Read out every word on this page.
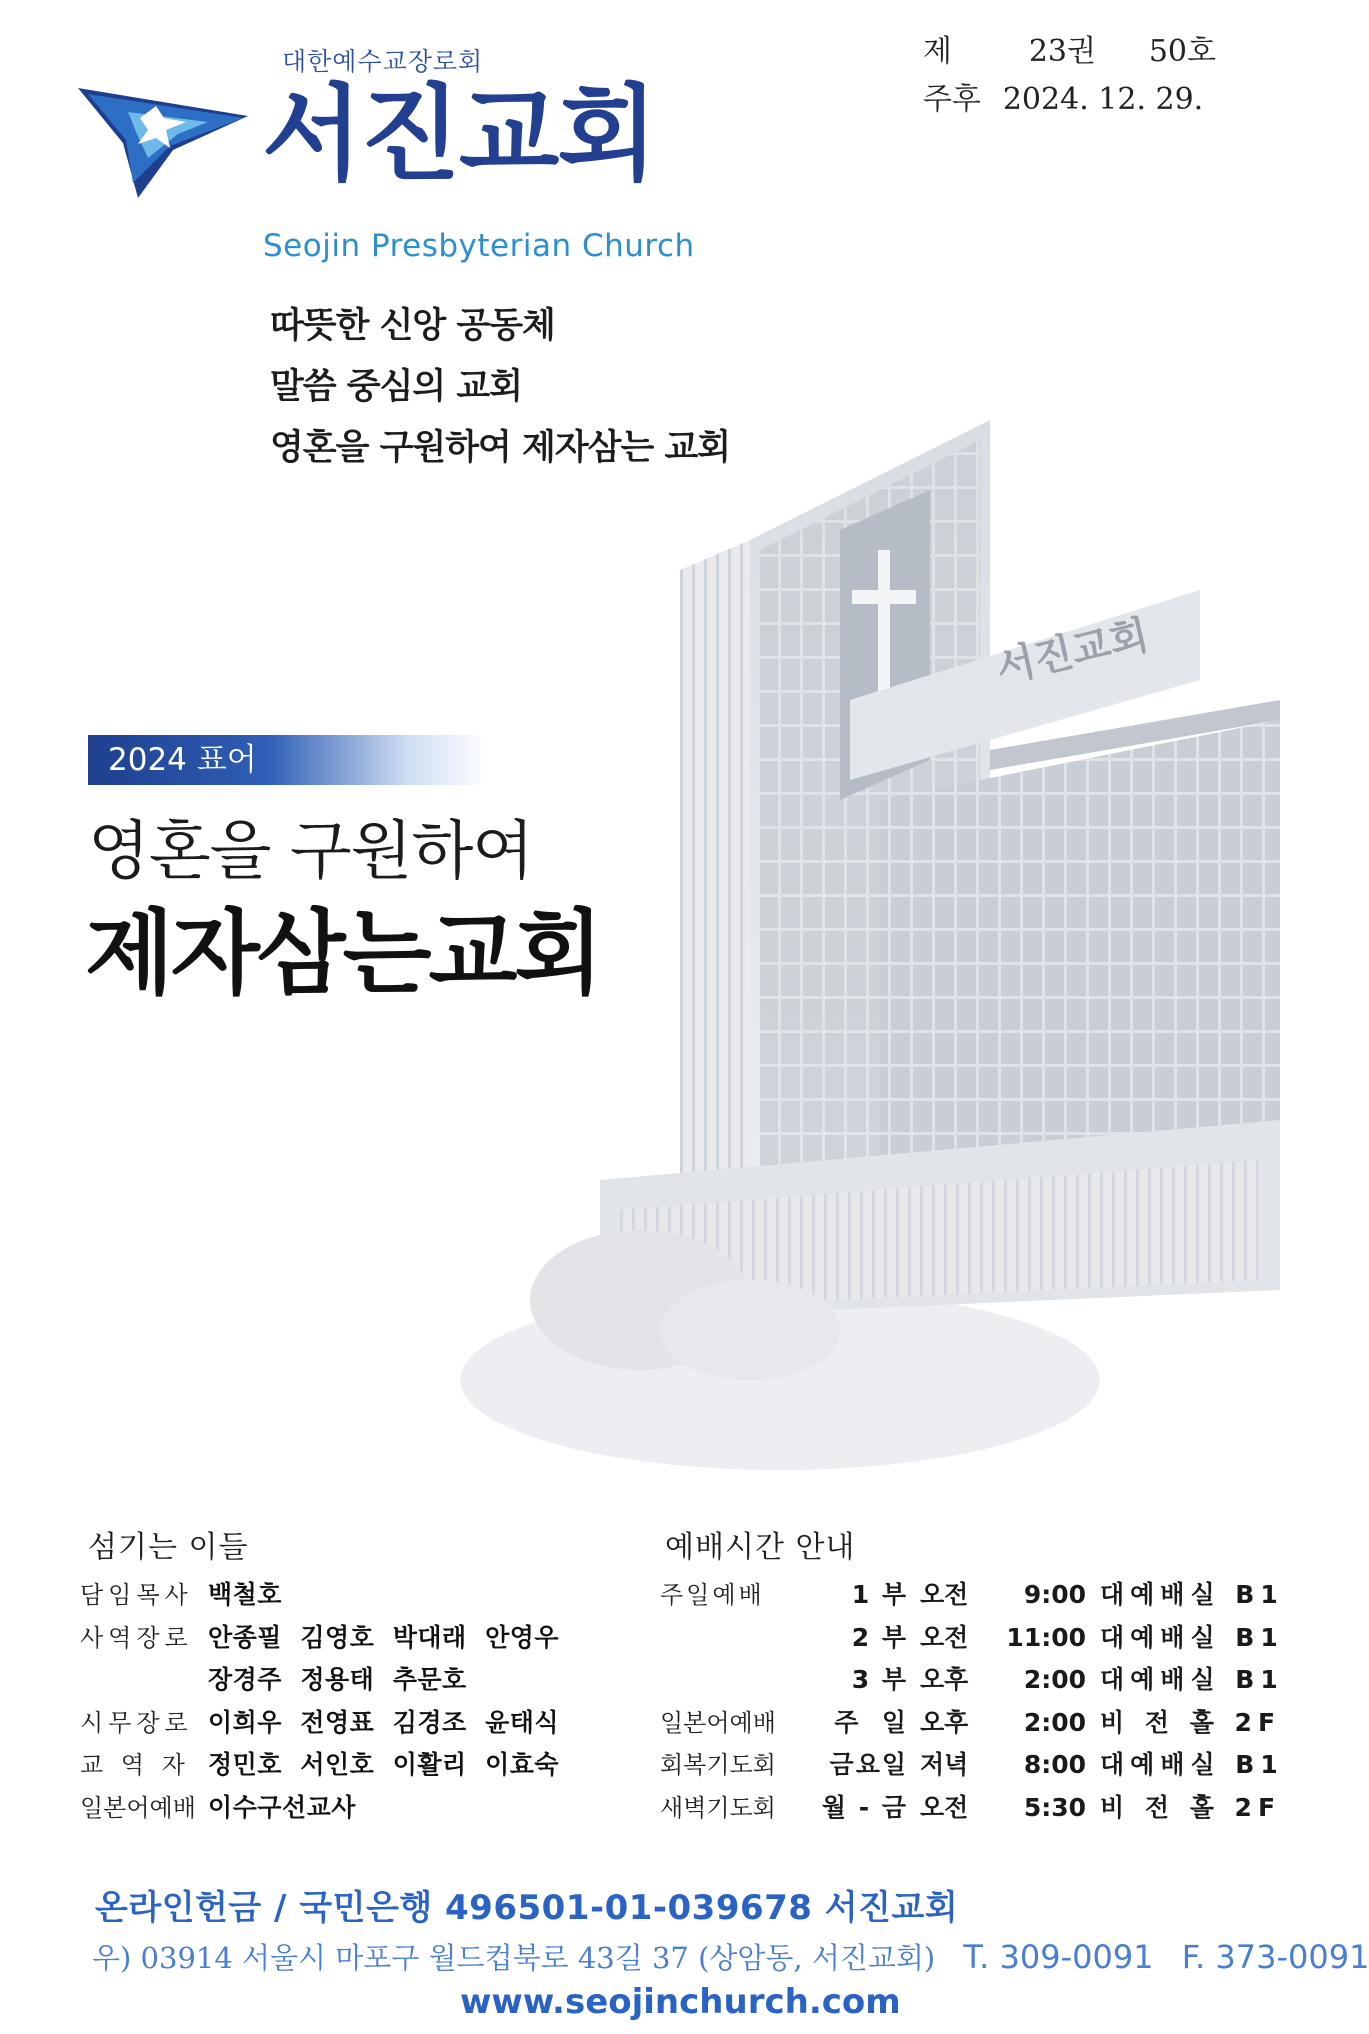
대한예수교장로회
서진교회
Seojin Presbyterian Church
제	23권	50호
주후 2024. 12. 29.
따뜻한 신앙 공동체
말씀 중심의 교회
영혼을 구원하여 제자삼는 교회
서진교회
2024 표어
영혼을 구원하여
제자삼는교회
섬기는 이들
담임목사 백철호
사역장로 안종필  김영호  박대래  안영우
장경주  정용태  추문호
시무장로 이희우  전영표  김경조  윤태식
교 역 자 정민호  서인호  이활리  이효숙
일본어예배 이수구선교사
예배시간 안내
주일예배	1 부 오전	9:00 대예배실 B1
2 부 오전	11:00 대예배실 B1
3 부 오후	2:00 대예배실 B1
일본어예배	주  일 오후	2:00 비 전 홀 2F
회복기도회	금요일 저녁	8:00 대예배실 B1
새벽기도회	월 - 금 오전	5:30 비 전 홀 2F
온라인헌금 / 국민은행 496501-01-039678 서진교회
우) 03914 서울시 마포구 월드컵북로 43길 37 (상암동, 서진교회) T. 309-0091 F. 373-0091
www.seojinchurch.com
